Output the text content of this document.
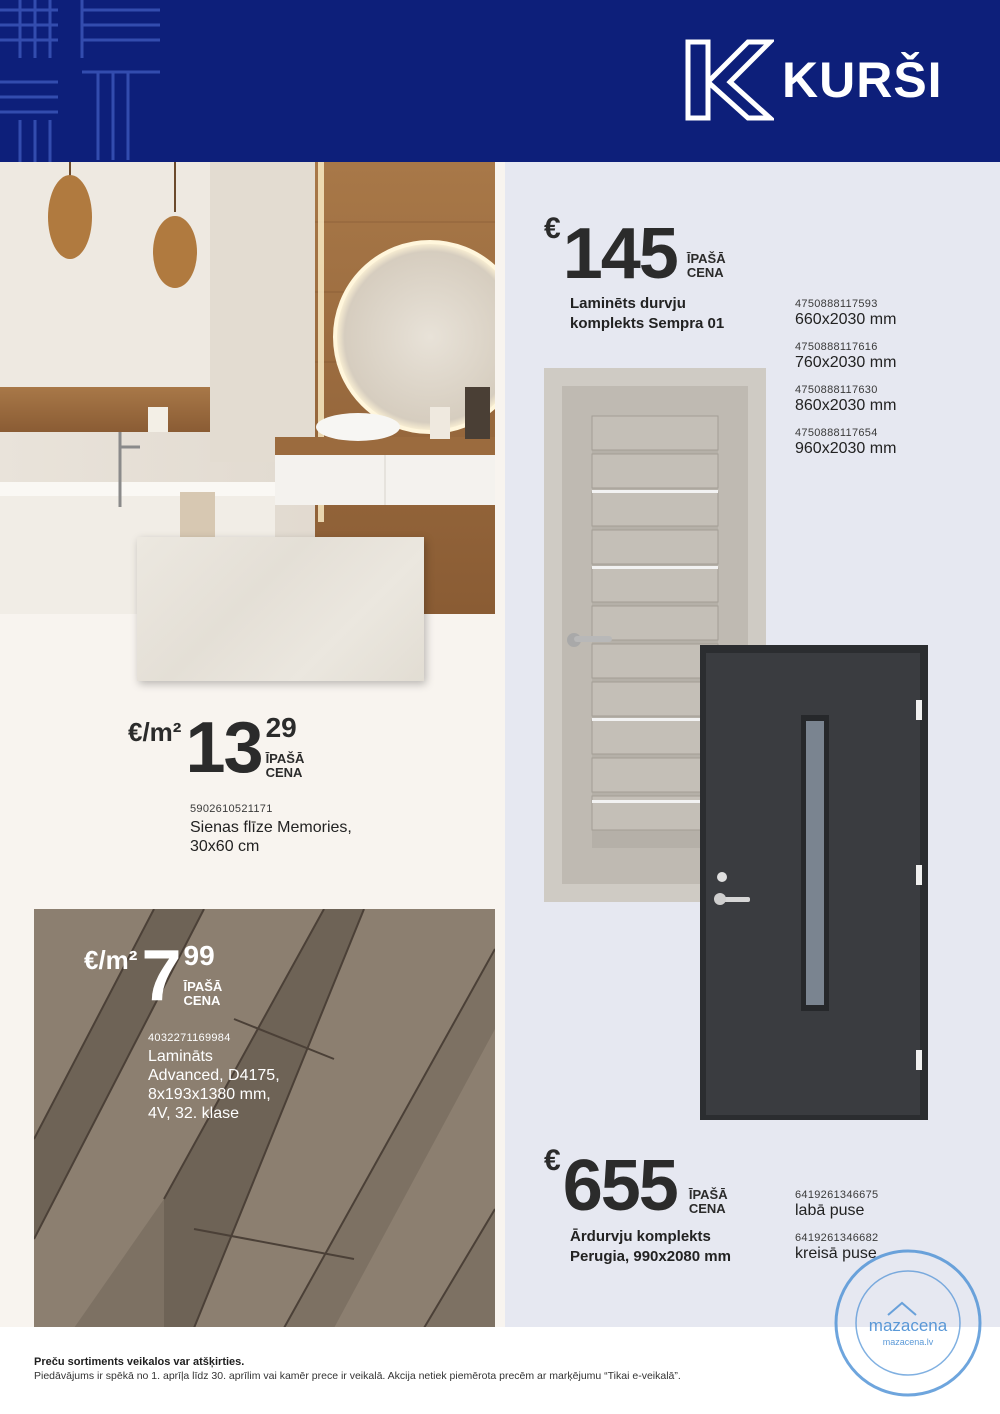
KURŠI
€/m² 13 29
ĪPAŠĀ
CENA
5902610521171
Sienas flīze Memories,
30x60 cm
€/m² 7 99
ĪPAŠĀ
CENA
4032271169984
Lamināts
Advanced, D4175,
8x193x1380 mm,
4V, 32. klase
€ 145 ĪPAŠĀ
CENA
Laminēts durvju
komplekts Sempra 01
4750888117593
660x2030 mm
4750888117616
760x2030 mm
4750888117630
860x2030 mm
4750888117654
960x2030 mm
€ 655 ĪPAŠĀ
CENA
Ārdurvju komplekts
Perugia, 990x2080 mm
6419261346675
labā puse
6419261346682
kreisā puse
Preču sortiments veikalos var atšķirties.
Piedāvājums ir spēkā no 1. aprīļa līdz 30. aprīlim vai kamēr prece ir veikalā. Akcija netiek piemērota precēm ar marķējumu “Tikai e-veikalā”.
mazacena
mazacena.lv
